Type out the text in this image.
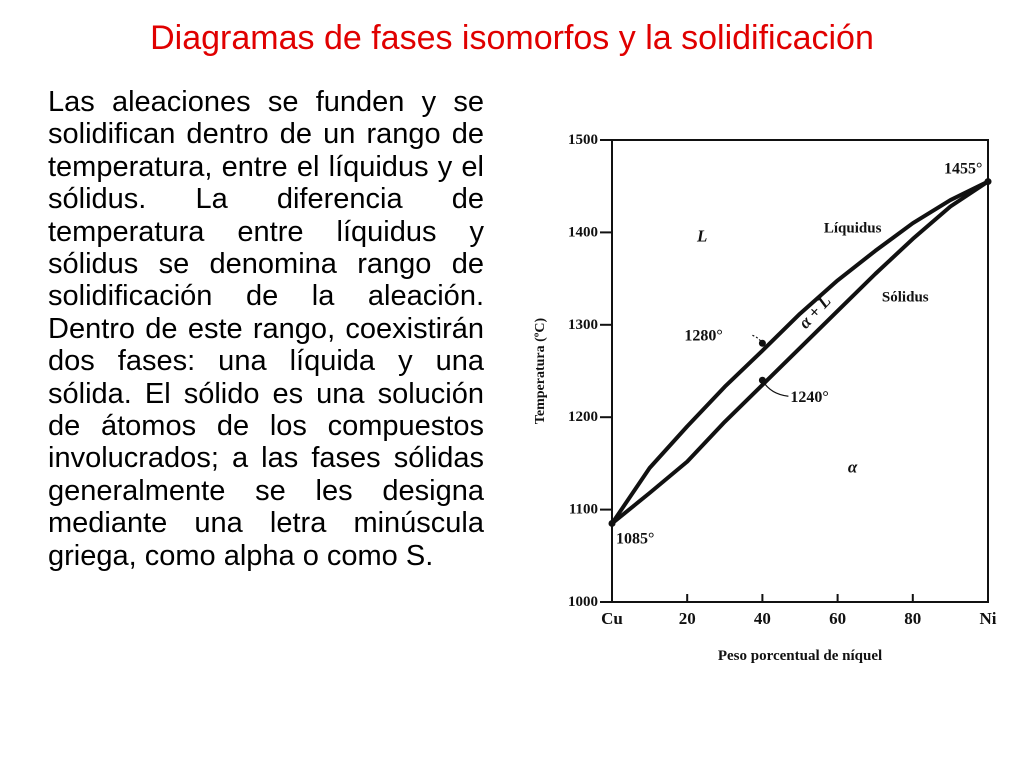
Diagramas de fases isomorfos y la solidificación
Las aleaciones se funden y se solidifican dentro de un rango de temperatura, entre el líquidus y el sólidus. La diferencia de temperatura entre líquidus y sólidus se denomina rango de solidificación de la aleación. Dentro de este rango, coexistirán dos fases: una líquida y una sólida. El sólido es una solución de átomos de los compuestos involucrados; a las fases sólidas generalmente se les designa mediante una letra minúscula griega, como alpha o como S.
1000
1100
1200
1300
1400
1500
Cu	20	40	60	80	Ni
Temperatura (ºC)
Peso porcentual de níquel
1085°
1455°
1280°
1240°
L
α + L
α
Líquidus
Sólidus
